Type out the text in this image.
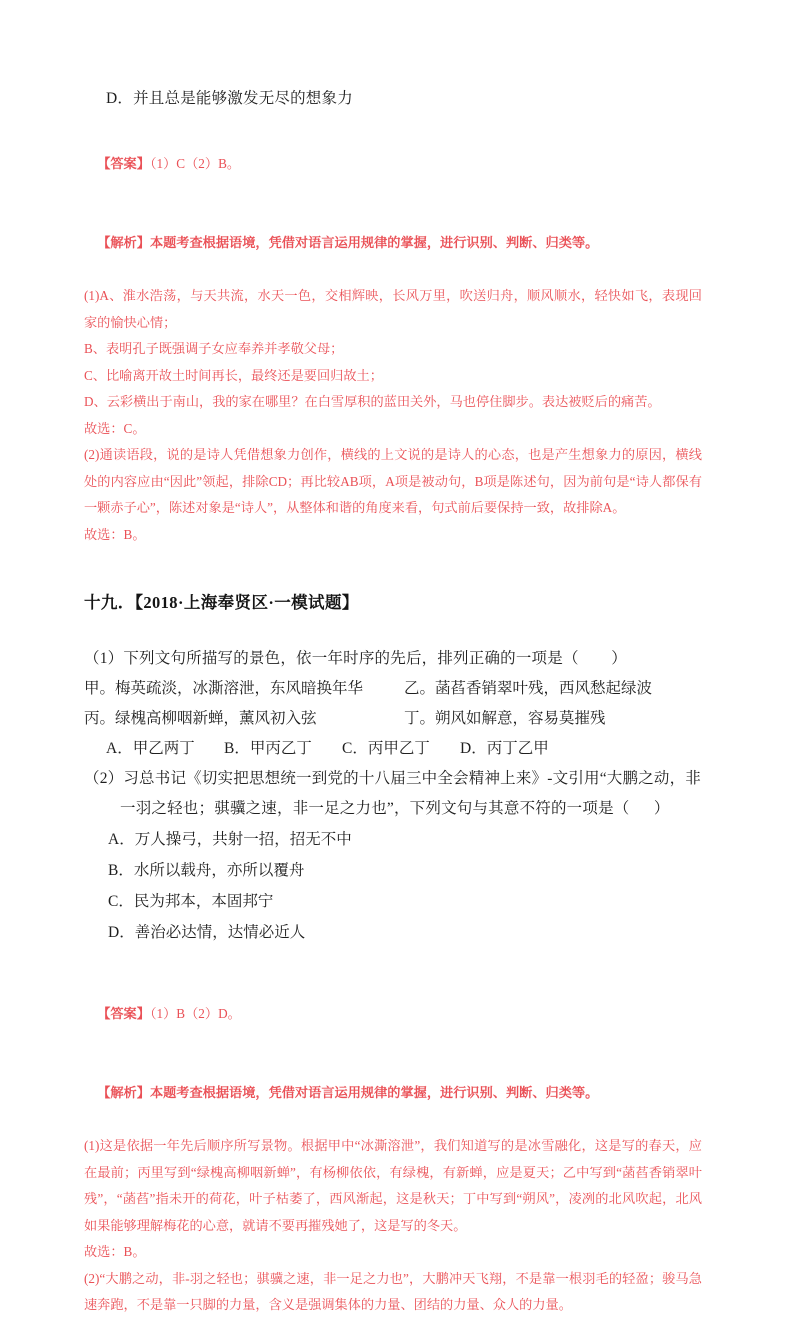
D．并且总是能够激发无尽的想象力

【答案】（1）C（2）B。

【解析】本题考查根据语境，凭借对语言运用规律的掌握，进行识别、判断、归类等。

(1)A、淮水浩荡，与天共流，水天一色，交相辉映，长风万里，吹送归舟，顺风顺水，轻快如飞，表现回家的愉快心情；
B、表明孔子既强调子女应奉养并孝敬父母；
C、比喻离开故土时间再长，最终还是要回归故土；
D、云彩横出于南山，我的家在哪里？在白雪厚积的蓝田关外，马也停住脚步。表达被贬后的痛苦。
故选：C。
(2)通读语段，说的是诗人凭借想象力创作，横线的上文说的是诗人的心态，也是产生想象力的原因，横线处的内容应由“因此”领起，排除CD；再比较AB项，A项是被动句，B项是陈述句，因为前句是“诗人都保有一颗赤子心”，陈述对象是“诗人”，从整体和谐的角度来看，句式前后要保持一致，故排除A。
故选：B。
十九．【2018·上海奉贤区·一模试题】
（1）下列文句所描写的景色，依一年时序的先后，排列正确的一项是（        ）
甲。梅英疏淡，冰澌溶泄，东风暗换年华	乙。菡萏香销翠叶残，西风愁起绿波
丙。绿槐高柳咽新蝉，薰风初入弦	丁。朔风如解意，容易莫摧残
A．甲乙两丁	B．甲丙乙丁	C．丙甲乙丁	D．丙丁乙甲
（2）习总书记《切实把思想统一到党的十八届三中全会精神上来》‐文引用“大鹏之动，非
一羽之轻也；骐骥之速，非一足之力也”，下列文句与其意不符的一项是（      ）
A．万人操弓，共射一招，招无不中
B．水所以载舟，亦所以覆舟
C．民为邦本，本固邦宁
D．善治必达情，达情必近人

【答案】（1）B（2）D。

【解析】本题考查根据语境，凭借对语言运用规律的掌握，进行识别、判断、归类等。

(1)这是依据一年先后顺序所写景物。根据甲中“冰澌溶泄”，我们知道写的是冰雪融化，这是写的春天，应在最前；丙里写到“绿槐高柳咽新蝉”，有杨柳依依，有绿槐，有新蝉，应是夏天；乙中写到“菡萏香销翠叶残”，“菡萏”指未开的荷花，叶子枯萎了，西风渐起，这是秋天；丁中写到“朔风”，凌冽的北风吹起，北风如果能够理解梅花的心意，就请不要再摧残她了，这是写的冬天。
故选：B。
(2)“大鹏之动，非‐羽之轻也；骐骥之速，非一足之力也”，大鹏冲天飞翔，不是靠一根羽毛的轻盈；骏马急速奔跑，不是靠一只脚的力量，含义是强调集体的力量、团结的力量、众人的力量。
